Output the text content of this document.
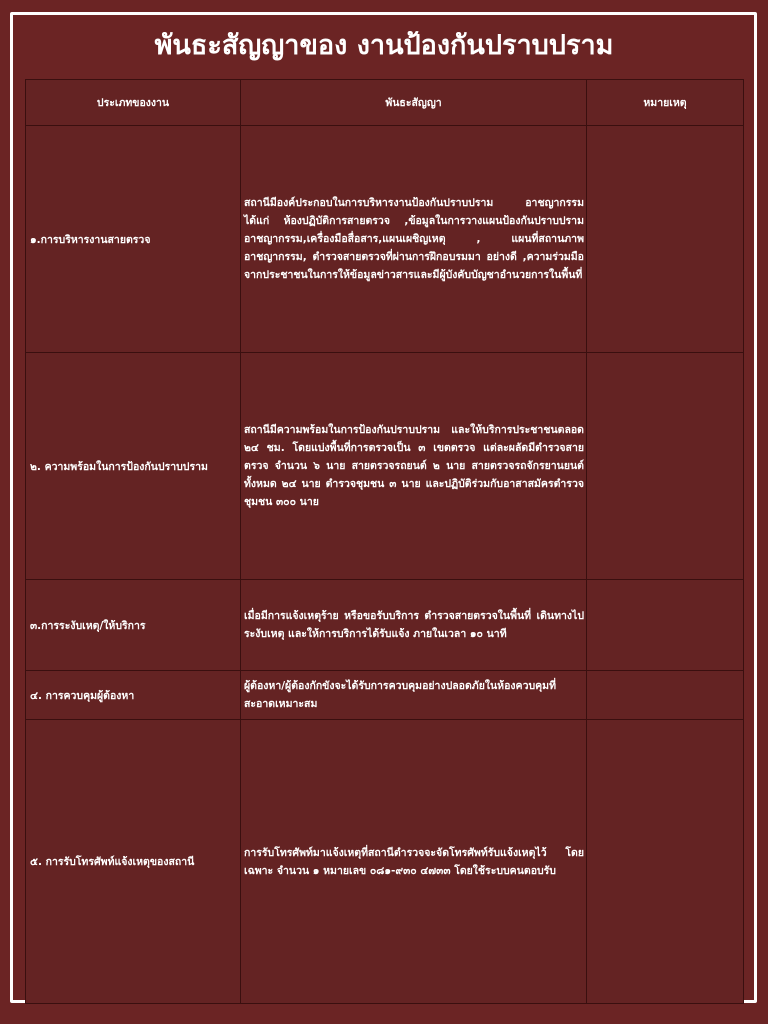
พันธะสัญญาของ งานป้องกันปราบปราม
ประเภทของงาน	พันธะสัญญา	หมายเหตุ
๑.การบริหารงานสายตรวจ	สถานีมีองค์ประกอบในการบริหารงานป้องกันปราบปราม อาชญากรรม ได้แก่ ห้องปฏิบัติการสายตรวจ ,ข้อมูลในการวางแผนป้องกันปราบปรามอาชญากรรม,เครื่องมือสื่อสาร,แผนเผชิญเหตุ , แผนที่สถานภาพอาชญากรรม, ตำรวจสายตรวจที่ผ่านการฝึกอบรมมา อย่างดี ,ความร่วมมือจากประชาชนในการให้ข้อมูลข่าวสารและมีผู้บังคับบัญชาอำนวยการในพื้นที่	
๒. ความพร้อมในการป้องกันปราบปราม	สถานีมีความพร้อมในการป้องกันปราบปราม และให้บริการประชาชนตลอด ๒๔ ชม. โดยแบ่งพื้นที่การตรวจเป็น ๓ เขตตรวจ แต่ละผลัดมีตำรวจสายตรวจ จำนวน ๖ นาย สายตรวจรถยนต์ ๒ นาย สายตรวจรถจักรยานยนต์ทั้งหมด ๒๔ นาย ตำรวจชุมชน ๓ นาย และปฏิบัติร่วมกับอาสาสมัครตำรวจชุมชน ๓๐๐ นาย	
๓.การระงับเหตุ/ให้บริการ	เมื่อมีการแจ้งเหตุร้าย หรือขอรับบริการ ตำรวจสายตรวจในพื้นที่ เดินทางไประงับเหตุ และให้การบริการได้รับแจ้ง ภายในเวลา ๑๐ นาที	
๔. การควบคุมผู้ต้องหา	ผู้ต้องหา/ผู้ต้องกักขังจะได้รับการควบคุมอย่างปลอดภัยในห้องควบคุมที่สะอาดเหมาะสม	
๕. การรับโทรศัพท์แจ้งเหตุของสถานี	การรับโทรศัพท์มาแจ้งเหตุที่สถานีตำรวจจะจัดโทรศัพท์รับแจ้งเหตุไว้ โดยเฉพาะ จำนวน ๑ หมายเลข ๐๘๑-๙๓๐ ๔๗๓๓ โดยใช้ระบบคนตอบรับ	
